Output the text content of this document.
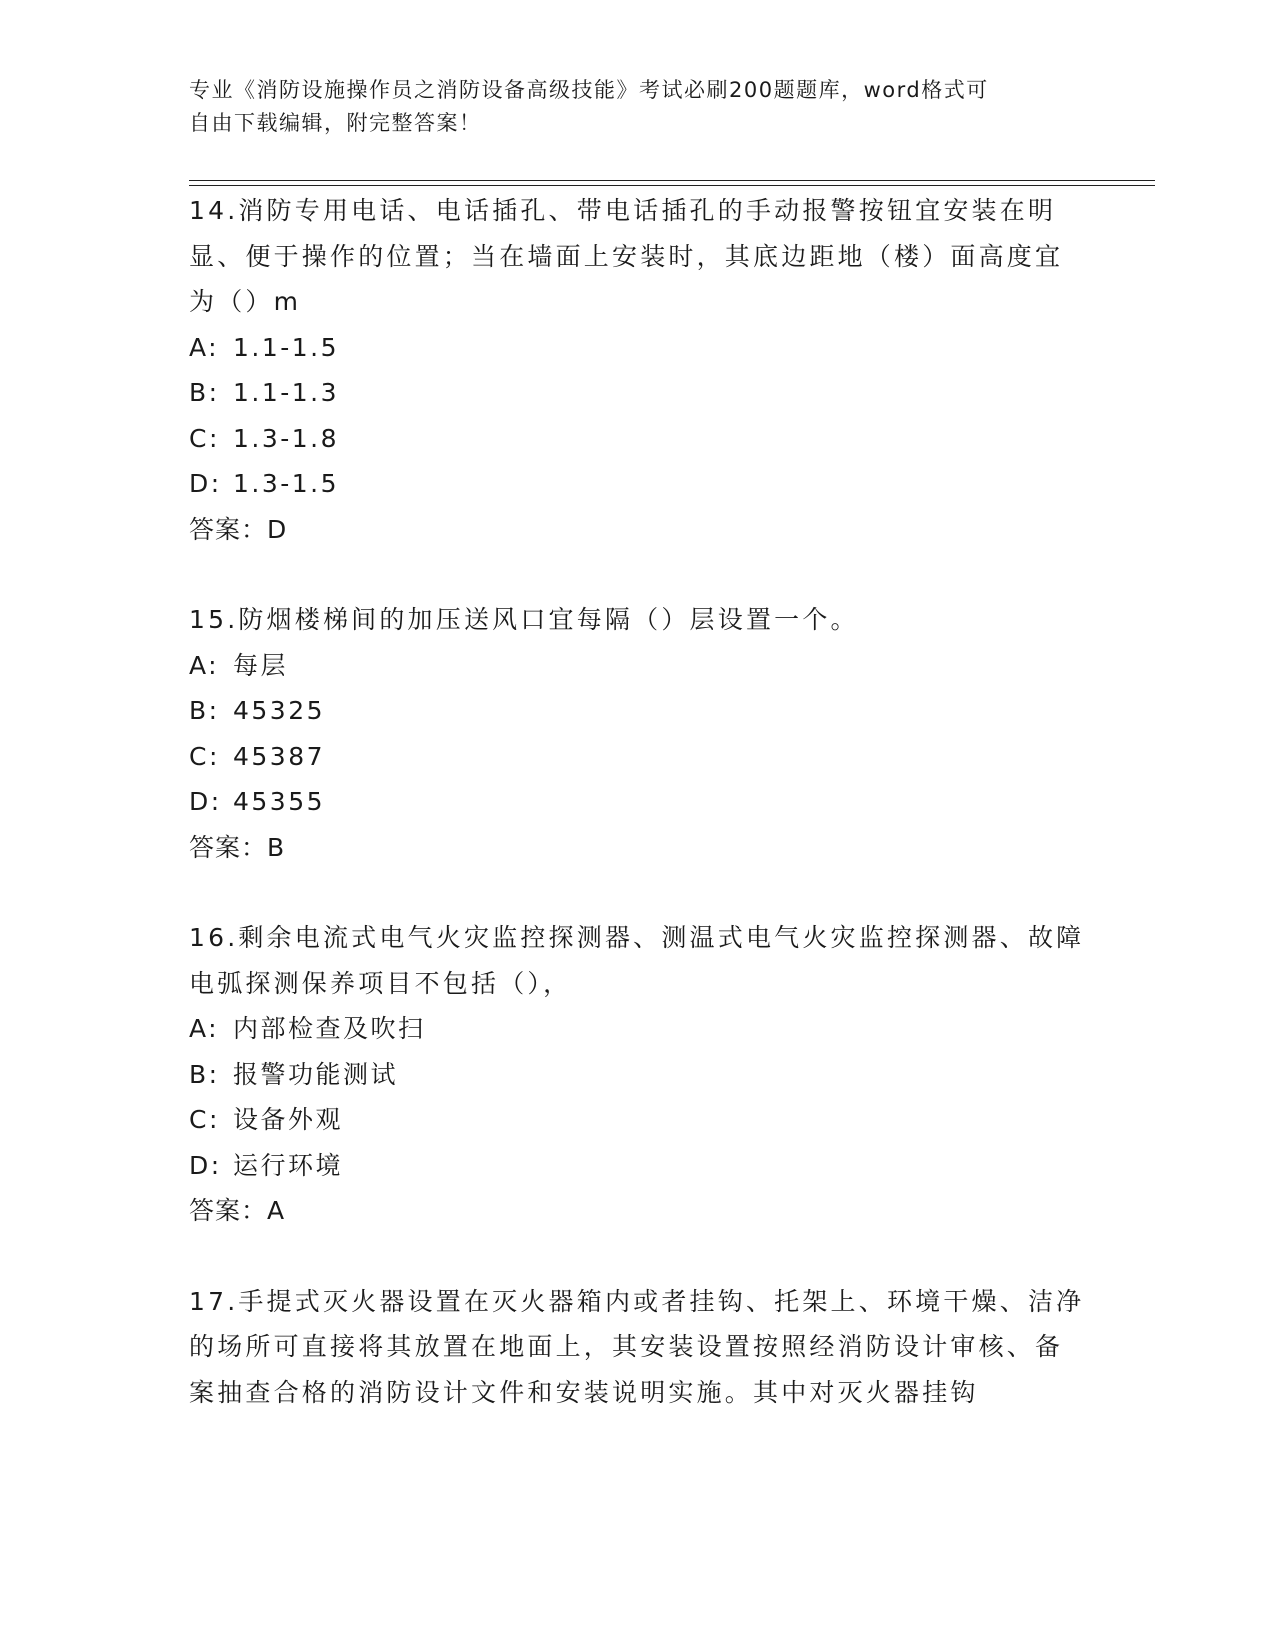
专业《消防设施操作员之消防设备高级技能》考试必刷200题题库，word格式可
自由下载编辑，附完整答案！

14.消防专用电话、电话插孔、带电话插孔的手动报警按钮宜安装在明显、便于操作的位置；当在墙面上安装时，其底边距地（楼）面高度宜为（）m

A: 1.1-1.5

B: 1.1-1.3

C: 1.3-1.8

D: 1.3-1.5

答案：D

15.防烟楼梯间的加压送风口宜每隔（）层设置一个。

A: 每层

B: 45325

C: 45387

D: 45355

答案：B

16.剩余电流式电气火灾监控探测器、测温式电气火灾监控探测器、故障电弧探测保养项目不包括（），

A: 内部检查及吹扫

B: 报警功能测试

C: 设备外观

D: 运行环境

答案：A

17.手提式灭火器设置在灭火器箱内或者挂钩、托架上、环境干燥、洁净的场所可直接将其放置在地面上，其安装设置按照经消防设计审核、备案抽查合格的消防设计文件和安装说明实施。其中对灭火器挂钩
